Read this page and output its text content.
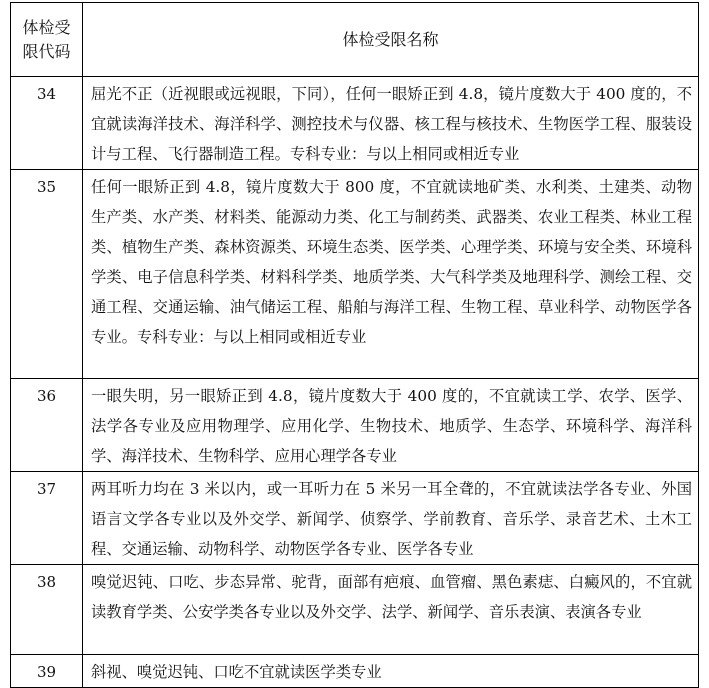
体检受限代码	体检受限名称
34	屈光不正（近视眼或远视眼，下同），任何一眼矫正到 4.8，镜片度数大于 400 度的，不宜就读海洋技术、海洋科学、测控技术与仪器、核工程与核技术、生物医学工程、服装设计与工程、飞行器制造工程。专科专业：与以上相同或相近专业
35	任何一眼矫正到 4.8，镜片度数大于 800 度，不宜就读地矿类、水利类、土建类、动物生产类、水产类、材料类、能源动力类、化工与制药类、武器类、农业工程类、林业工程类、植物生产类、森林资源类、环境生态类、医学类、心理学类、环境与安全类、环境科学类、电子信息科学类、材料科学类、地质学类、大气科学类及地理科学、测绘工程、交通工程、交通运输、油气储运工程、船舶与海洋工程、生物工程、草业科学、动物医学各专业。专科专业：与以上相同或相近专业
36	一眼失明，另一眼矫正到 4.8，镜片度数大于 400 度的，不宜就读工学、农学、医学、法学各专业及应用物理学、应用化学、生物技术、地质学、生态学、环境科学、海洋科学、海洋技术、生物科学、应用心理学各专业
37	两耳听力均在 3 米以内，或一耳听力在 5 米另一耳全聋的，不宜就读法学各专业、外国语言文学各专业以及外交学、新闻学、侦察学、学前教育、音乐学、录音艺术、土木工程、交通运输、动物科学、动物医学各专业、医学各专业
38	嗅觉迟钝、口吃、步态异常、驼背，面部有疤痕、血管瘤、黑色素痣、白癜风的，不宜就读教育学类、公安学类各专业以及外交学、法学、新闻学、音乐表演、表演各专业
39	斜视、嗅觉迟钝、口吃不宜就读医学类专业
